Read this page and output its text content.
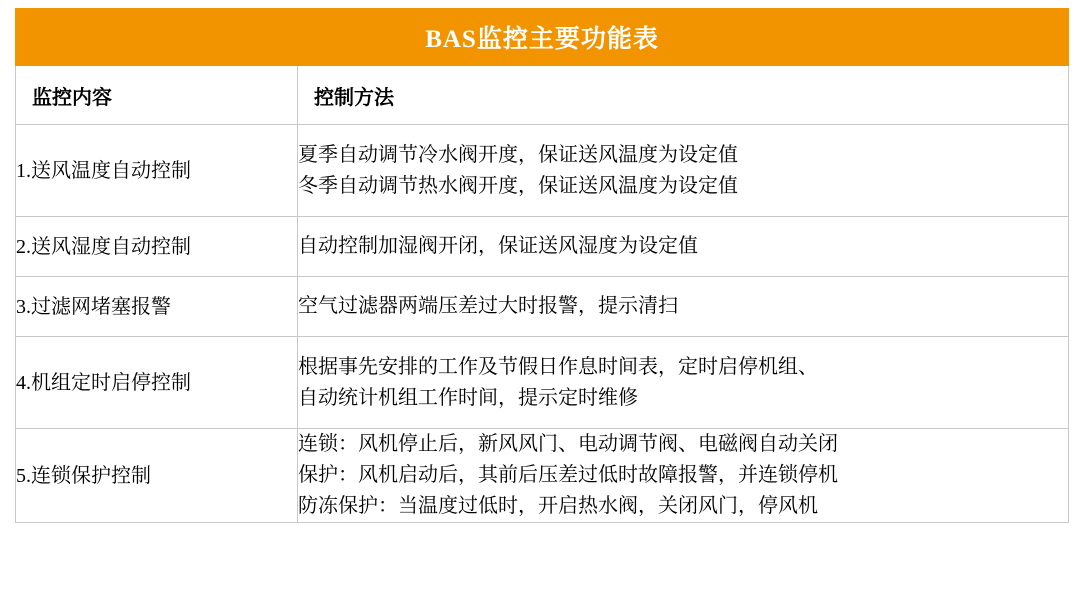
BAS监控主要功能表	

监控内容	控制方法

1.送风温度自动控制	夏季自动调节冷水阀开度，保证送风温度为设定值
冬季自动调节热水阀开度，保证送风温度为设定值

2.送风湿度自动控制	自动控制加湿阀开闭，保证送风湿度为设定值

3.过滤网堵塞报警	空气过滤器两端压差过大时报警，提示清扫

4.机组定时启停控制	根据事先安排的工作及节假日作息时间表，定时启停机组、
自动统计机组工作时间，提示定时维修

5.连锁保护控制	连锁：风机停止后，新风风门、电动调节阀、电磁阀自动关闭
保护：风机启动后，其前后压差过低时故障报警，并连锁停机
防冻保护：当温度过低时，开启热水阀，关闭风门，停风机
